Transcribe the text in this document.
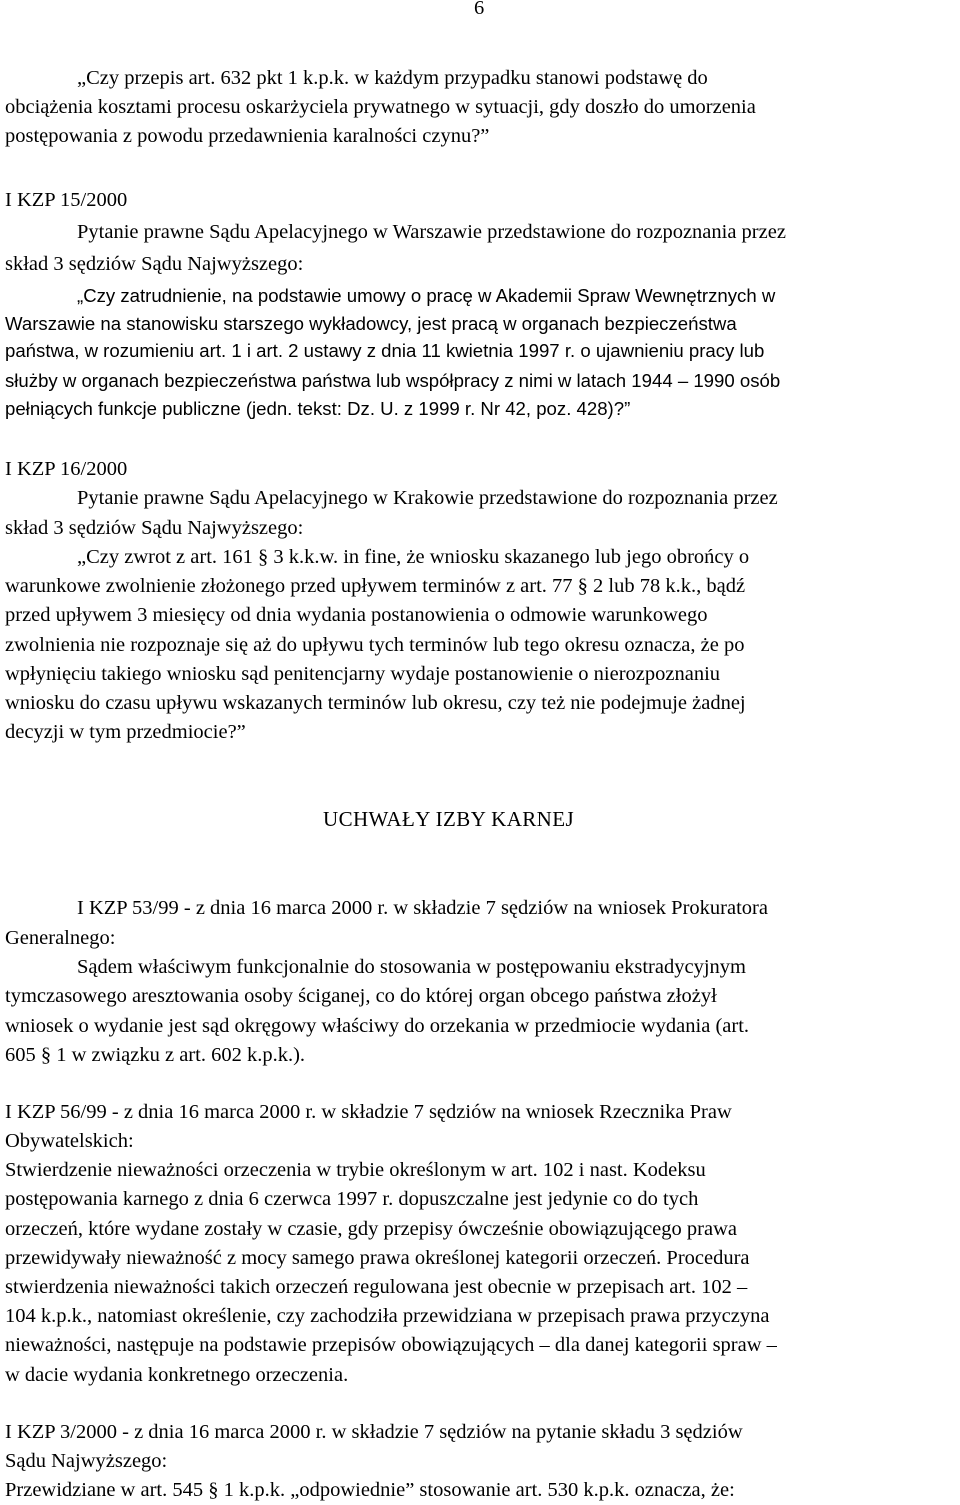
6

„Czy przepis art. 632 pkt 1 k.p.k. w każdym przypadku stanowi podstawę do

obciążenia kosztami procesu oskarżyciela prywatnego w sytuacji, gdy doszło do umorzenia

postępowania z powodu przedawnienia karalności czynu?”

I KZP 15/2000

Pytanie prawne Sądu Apelacyjnego w Warszawie przedstawione do rozpoznania przez

skład 3 sędziów Sądu Najwyższego:

„Czy zatrudnienie, na podstawie umowy o pracę w Akademii Spraw Wewnętrznych w

Warszawie na stanowisku starszego wykładowcy, jest pracą w organach bezpieczeństwa

państwa, w rozumieniu art. 1 i art. 2 ustawy z dnia 11 kwietnia 1997 r. o ujawnieniu pracy lub

służby w organach bezpieczeństwa państwa lub współpracy z nimi w latach 1944 – 1990 osób

pełniących funkcje publiczne (jedn. tekst: Dz. U. z 1999 r. Nr 42, poz. 428)?”

I KZP 16/2000

Pytanie prawne Sądu Apelacyjnego w Krakowie przedstawione do rozpoznania przez

skład 3 sędziów Sądu Najwyższego:

„Czy zwrot z art. 161 § 3 k.k.w. in fine, że wniosku skazanego lub jego obrońcy o

warunkowe zwolnienie złożonego przed upływem terminów z art. 77 § 2 lub 78 k.k., bądź

przed upływem 3 miesięcy od dnia wydania postanowienia o odmowie warunkowego

zwolnienia nie rozpoznaje się aż do upływu tych terminów lub tego okresu oznacza, że po

wpłynięciu takiego wniosku sąd penitencjarny wydaje postanowienie o nierozpoznaniu

wniosku do czasu upływu wskazanych terminów lub okresu, czy też nie podejmuje żadnej

decyzji w tym przedmiocie?”

UCHWAŁY IZBY KARNEJ

I KZP 53/99 - z dnia 16 marca 2000 r. w składzie 7 sędziów na wniosek Prokuratora

Generalnego:

Sądem właściwym funkcjonalnie do stosowania w postępowaniu ekstradycyjnym

tymczasowego aresztowania osoby ściganej, co do której organ obcego państwa złożył

wniosek o wydanie jest sąd okręgowy właściwy do orzekania w przedmiocie wydania (art.

605 § 1 w związku z art. 602 k.p.k.).

I KZP 56/99 - z dnia 16 marca 2000 r. w składzie 7 sędziów na wniosek Rzecznika Praw

Obywatelskich:

Stwierdzenie nieważności orzeczenia w trybie określonym w art. 102 i nast. Kodeksu

postępowania karnego z dnia 6 czerwca 1997 r. dopuszczalne jest jedynie co do tych

orzeczeń, które wydane zostały w czasie, gdy przepisy ówcześnie obowiązującego prawa

przewidywały nieważność z mocy samego prawa określonej kategorii orzeczeń. Procedura

stwierdzenia nieważności takich orzeczeń regulowana jest obecnie w przepisach art. 102 –

104 k.p.k., natomiast określenie, czy zachodziła przewidziana w przepisach prawa przyczyna

nieważności, następuje na podstawie przepisów obowiązujących – dla danej kategorii spraw –

w dacie wydania konkretnego orzeczenia.

I KZP 3/2000 - z dnia 16 marca 2000 r. w składzie 7 sędziów na pytanie składu 3 sędziów

Sądu Najwyższego:

Przewidziane w art. 545 § 1 k.p.k. „odpowiednie” stosowanie art. 530 k.p.k. oznacza, że:
